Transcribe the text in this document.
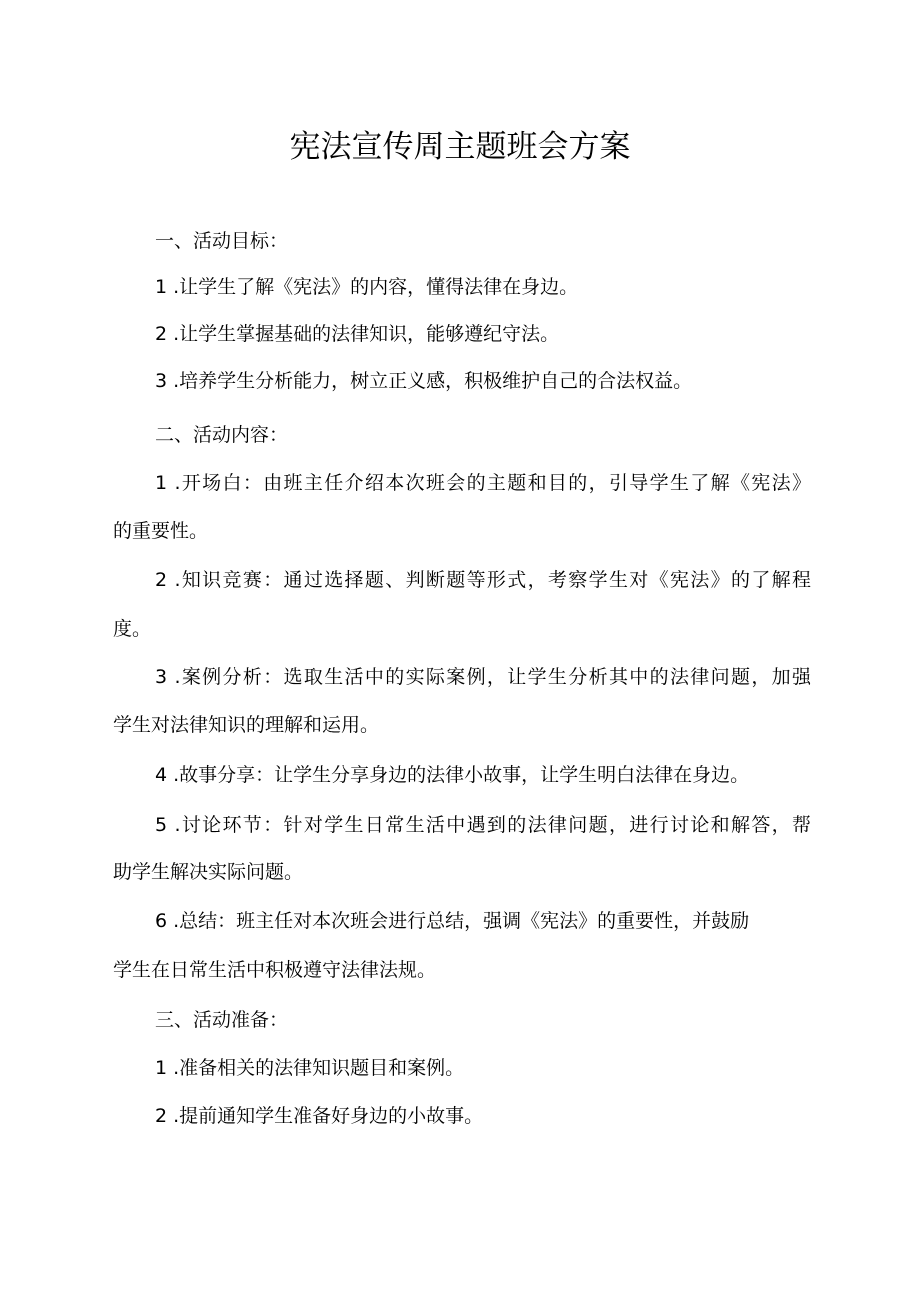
宪法宣传周主题班会方案

一、活动目标：

1 .让学生了解《宪法》的内容，懂得法律在身边。

2 .让学生掌握基础的法律知识，能够遵纪守法。

3 .培养学生分析能力，树立正义感，积极维护自己的合法权益。

二、活动内容：

1 .开场白：由班主任介绍本次班会的主题和目的，引导学生了解《宪法》

的重要性。

2 .知识竞赛：通过选择题、判断题等形式，考察学生对《宪法》的了解程

度。

3 .案例分析：选取生活中的实际案例，让学生分析其中的法律问题，加强

学生对法律知识的理解和运用。

4 .故事分享：让学生分享身边的法律小故事，让学生明白法律在身边。

5 .讨论环节：针对学生日常生活中遇到的法律问题，进行讨论和解答，帮

助学生解决实际问题。

6 .总结：班主任对本次班会进行总结，强调《宪法》的重要性，并鼓励

学生在日常生活中积极遵守法律法规。

三、活动准备：

1 .准备相关的法律知识题目和案例。

2 .提前通知学生准备好身边的小故事。
